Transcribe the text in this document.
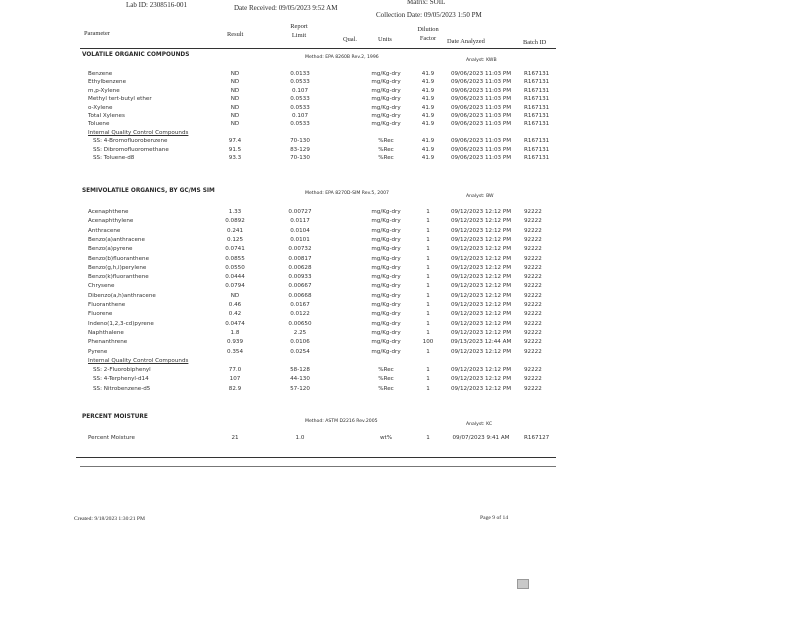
Lab ID: 2308516-001	Date Received: 09/05/2023 9:52 AM
Matrix: SOIL
Collection Date: 09/05/2023 1:50 PM
Parameter	Result
Report
Limit
Qual.	Units
Dilution
Factor	Date Analyzed	Batch ID
VOLATILE ORGANIC COMPOUNDS	Method: EPA 8260B Rev.2, 1996
Analyst: KWB
Benzene	ND	0.0133	mg/Kg-dry	41.9	09/06/2023 11:03 PM	R167131
Ethylbenzene	ND	0.0533	mg/Kg-dry	41.9	09/06/2023 11:03 PM	R167131
m,p-Xylene	ND	0.107	mg/Kg-dry	41.9	09/06/2023 11:03 PM	R167131
Methyl tert-butyl ether	ND	0.0533	mg/Kg-dry	41.9	09/06/2023 11:03 PM	R167131
o-Xylene	ND	0.0533	mg/Kg-dry	41.9	09/06/2023 11:03 PM	R167131
Total Xylenes	ND	0.107	mg/Kg-dry	41.9	09/06/2023 11:03 PM	R167131
Toluene	ND	0.0533	mg/Kg-dry	41.9	09/06/2023 11:03 PM	R167131
Internal Quality Control Compounds
SS: 4-Bromofluorobenzene	97.4	70-130	%Rec	41.9	09/06/2023 11:03 PM	R167131
SS: Dibromofluoromethane	91.5	83-129	%Rec	41.9	09/06/2023 11:03 PM	R167131
SS: Toluene-d8	93.3	70-130	%Rec	41.9	09/06/2023 11:03 PM	R167131
SEMIVOLATILE ORGANICS, BY GC/MS SIM	Method: EPA 8270D-SIM Rev.5, 2007
Analyst: BW
Acenaphthene	1.33	0.00727	mg/Kg-dry	1	09/12/2023 12:12 PM	92222
Acenaphthylene	0.0892	0.0117	mg/Kg-dry	1	09/12/2023 12:12 PM	92222
Anthracene	0.241	0.0104	mg/Kg-dry	1	09/12/2023 12:12 PM	92222
Benzo(a)anthracene	0.125	0.0101	mg/Kg-dry	1	09/12/2023 12:12 PM	92222
Benzo(a)pyrene	0.0741	0.00732	mg/Kg-dry	1	09/12/2023 12:12 PM	92222
Benzo(b)fluoranthene	0.0855	0.00817	mg/Kg-dry	1	09/12/2023 12:12 PM	92222
Benzo(g,h,i)perylene	0.0550	0.00628	mg/Kg-dry	1	09/12/2023 12:12 PM	92222
Benzo(k)fluoranthene	0.0444	0.00933	mg/Kg-dry	1	09/12/2023 12:12 PM	92222
Chrysene	0.0794	0.00667	mg/Kg-dry	1	09/12/2023 12:12 PM	92222
Dibenzo(a,h)anthracene	ND	0.00668	mg/Kg-dry	1	09/12/2023 12:12 PM	92222
Fluoranthene	0.46	0.0167	mg/Kg-dry	1	09/12/2023 12:12 PM	92222
Fluorene	0.42	0.0122	mg/Kg-dry	1	09/12/2023 12:12 PM	92222
Indeno(1,2,3-cd)pyrene	0.0474	0.00650	mg/Kg-dry	1	09/12/2023 12:12 PM	92222
Naphthalene	1.8	2.25	mg/Kg-dry	1	09/12/2023 12:12 PM	92222
Phenanthrene	0.939	0.0106	mg/Kg-dry	100	09/13/2023 12:44 AM	92222
Pyrene	0.354	0.0254	mg/Kg-dry	1	09/12/2023 12:12 PM	92222
Internal Quality Control Compounds
SS: 2-Fluorobiphenyl	77.0	58-128	%Rec	1	09/12/2023 12:12 PM	92222
SS: 4-Terphenyl-d14	107	44-130	%Rec	1	09/12/2023 12:12 PM	92222
SS: Nitrobenzene-d5	82.9	57-120	%Rec	1	09/12/2023 12:12 PM	92222
PERCENT MOISTURE
Method: ASTM D2216 Rev.2005
Analyst: KC
Percent Moisture	21	1.0	wt%	1	09/07/2023 9:41 AM	R167127
Created: 9/18/2023 1:30:21 PM	Page 9 of 14
